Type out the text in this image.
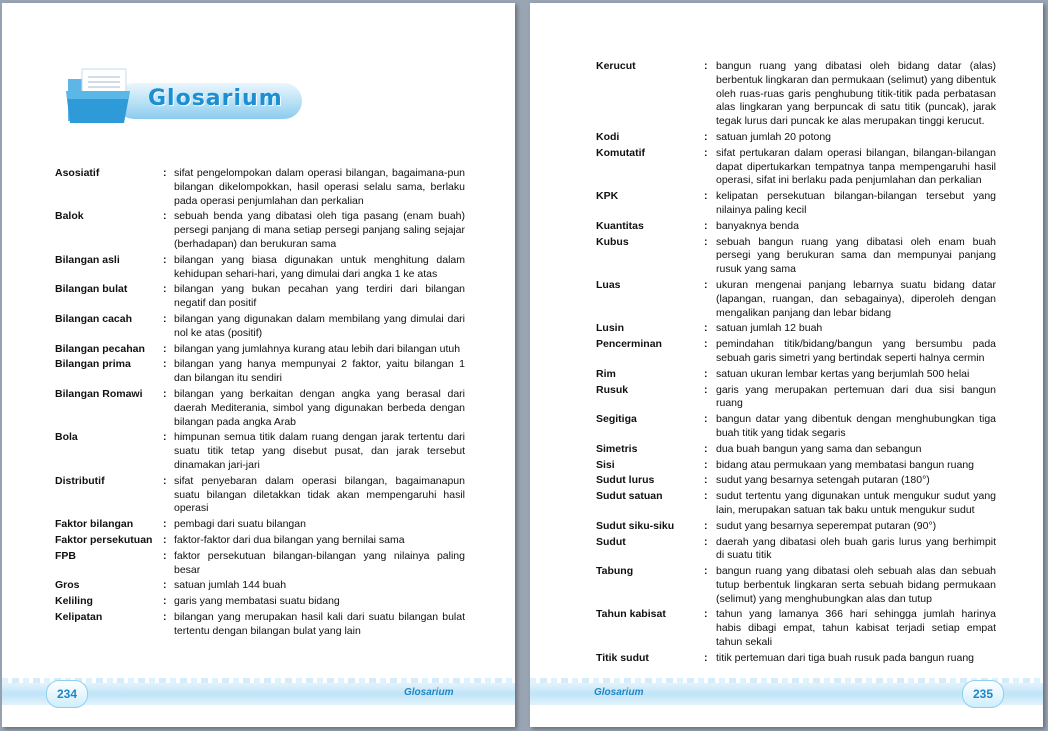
Glosarium
Asosiatif	: sifat pengelompokan dalam operasi bilangan, bagaimana-pun bilangan dikelompokkan, hasil operasi selalu sama, berlaku pada operasi penjumlahan dan perkalian
Balok	: sebuah benda yang dibatasi oleh tiga pasang (enam buah) persegi panjang di mana setiap persegi panjang saling sejajar (berhadapan) dan berukuran sama
Bilangan asli	: bilangan yang biasa digunakan untuk menghitung dalam kehidupan sehari-hari, yang dimulai dari angka 1 ke atas
Bilangan bulat	: bilangan yang bukan pecahan yang terdiri dari bilangan negatif dan positif
Bilangan cacah	: bilangan yang digunakan dalam membilang yang dimulai dari nol ke atas (positif)
Bilangan pecahan : bilangan yang jumlahnya kurang atau lebih dari bilangan utuh
Bilangan prima	: bilangan yang hanya mempunyai 2 faktor, yaitu bilangan 1 dan bilangan itu sendiri
Bilangan Romawi : bilangan yang berkaitan dengan angka yang berasal dari daerah Mediterania, simbol yang digunakan berbeda dengan bilangan pada angka Arab
Bola	: himpunan semua titik dalam ruang dengan jarak tertentu dari suatu titik tetap yang disebut pusat, dan jarak tersebut dinamakan jari-jari
Distributif	: sifat penyebaran dalam operasi bilangan, bagaimanapun suatu bilangan diletakkan tidak akan mempengaruhi hasil operasi
Faktor bilangan	: pembagi dari suatu bilangan
Faktor persekutuan : faktor-faktor dari dua bilangan yang bernilai sama
FPB	: faktor persekutuan bilangan-bilangan yang nilainya paling besar
Gros	: satuan jumlah 144 buah
Keliling	: garis yang membatasi suatu bidang
Kelipatan	: bilangan yang merupakan hasil kali dari suatu bilangan bulat tertentu dengan bilangan bulat yang lain
234	Glosarium
Kerucut	: bangun ruang yang dibatasi oleh bidang datar (alas) berbentuk lingkaran dan permukaan (selimut) yang dibentuk oleh ruas-ruas garis penghubung titik-titik pada perbatasan alas lingkaran yang berpuncak di satu titik (puncak), jarak tegak lurus dari puncak ke alas merupakan tinggi kerucut.
Kodi	: satuan jumlah 20 potong
Komutatif	: sifat pertukaran dalam operasi bilangan, bilangan-bilangan dapat dipertukarkan tempatnya tanpa mempengaruhi hasil operasi, sifat ini berlaku pada penjumlahan dan perkalian
KPK	: kelipatan persekutuan bilangan-bilangan tersebut yang nilainya paling kecil
Kuantitas	: banyaknya benda
Kubus	: sebuah bangun ruang yang dibatasi oleh enam buah persegi yang berukuran sama dan mempunyai panjang rusuk yang sama
Luas	: ukuran mengenai panjang lebarnya suatu bidang datar (lapangan, ruangan, dan sebagainya), diperoleh dengan mengalikan panjang dan lebar bidang
Lusin	: satuan jumlah 12 buah
Pencerminan	: pemindahan titik/bidang/bangun yang bersumbu pada sebuah garis simetri yang bertindak seperti halnya cermin
Rim	: satuan ukuran lembar kertas yang berjumlah 500 helai
Rusuk	: garis yang merupakan pertemuan dari dua sisi bangun ruang
Segitiga	: bangun datar yang dibentuk dengan menghubungkan tiga buah titik yang tidak segaris
Simetris	: dua buah bangun yang sama dan sebangun
Sisi	: bidang atau permukaan yang membatasi bangun ruang
Sudut lurus	: sudut yang besarnya setengah putaran (180°)
Sudut satuan	: sudut tertentu yang digunakan untuk mengukur sudut yang lain, merupakan satuan tak baku untuk mengukur sudut
Sudut siku-siku	: sudut yang besarnya seperempat putaran (90°)
Sudut	: daerah yang dibatasi oleh buah garis lurus yang berhimpit di suatu titik
Tabung	: bangun ruang yang dibatasi oleh sebuah alas dan sebuah tutup berbentuk lingkaran serta sebuah bidang permukaan (selimut) yang menghubungkan alas dan tutup
Tahun kabisat	: tahun yang lamanya 366 hari sehingga jumlah harinya habis dibagi empat, tahun kabisat terjadi setiap empat tahun sekali
Titik sudut	: titik pertemuan dari tiga buah rusuk pada bangun ruang
235
Glosarium
